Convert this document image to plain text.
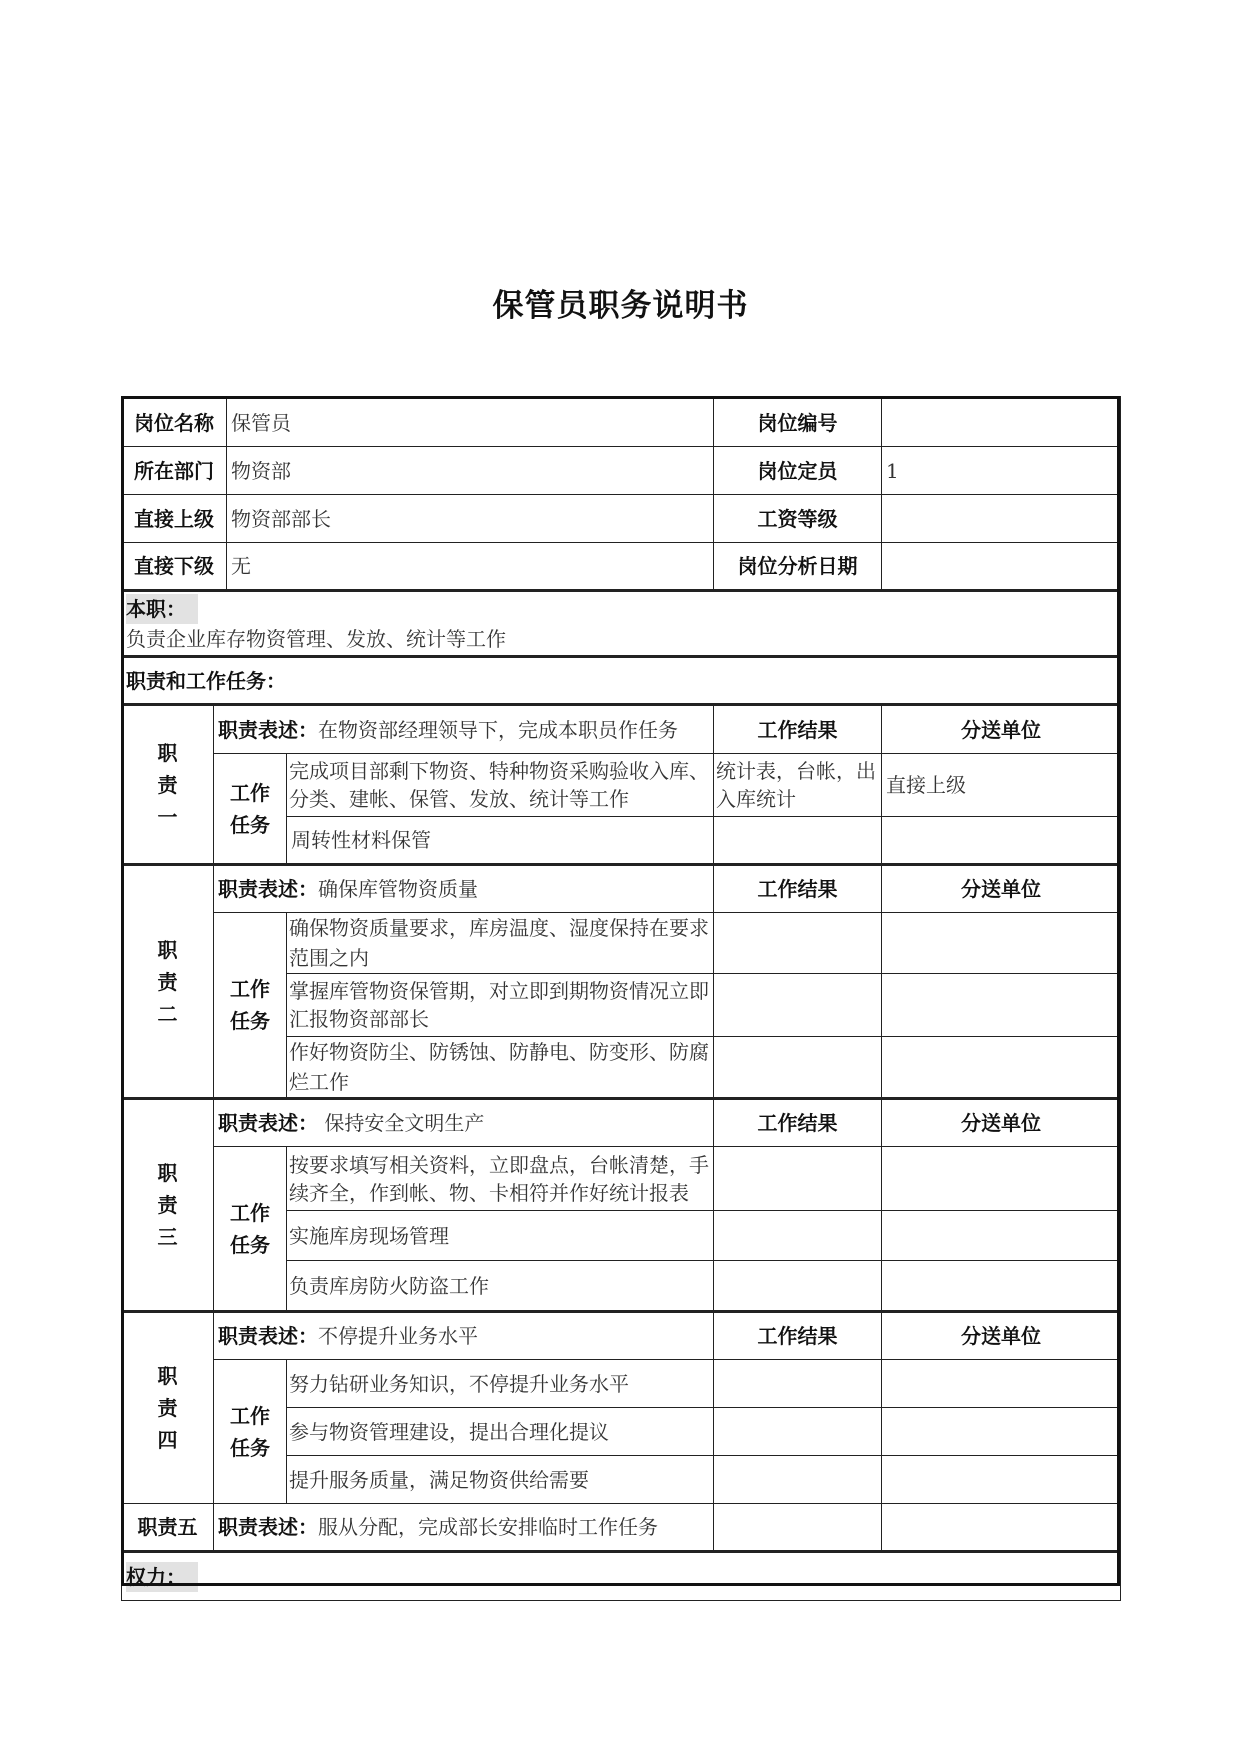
保管员职务说明书
岗位名称		保管员		岗位编号	
所在部门		物资部		岗位定员	1
直接上级		物资部部长		工资等级	
直接下级		无		岗位分析日期	

本职：
负责企业库存物资管理、发放、统计等工作					

职责和工作任务：					
职
责
一	职责表述：在物资部经理领导下，完成本职员作任务			工作结果	分送单位
	工作
任务		完成项目部剩下物资、特种物资采购验收入库、分类、建帐、保管、发放、统计等工作	统计表，台帐，出入库统计	直接上级
			周转性材料保管		
职
责
二	职责表述：确保库管物资质量			工作结果	分送单位
	工作
任务		确保物资质量要求，库房温度、湿度保持在要求范围之内		
			掌握库管物资保管期，对立即到期物资情况立即汇报物资部部长		
			作好物资防尘、防锈蚀、防静电、防变形、防腐烂工作		
职
责
三	职责表述： 保持安全文明生产			工作结果	分送单位
	工作
任务		按要求填写相关资料，立即盘点，台帐清楚，手续齐全，作到帐、物、卡相符并作好统计报表		
			实施库房现场管理		
			负责库房防火防盗工作		
职
责
四	职责表述：不停提升业务水平			工作结果	分送单位
	工作
任务		努力钻研业务知识，不停提升业务水平		
			参与物资管理建设，提出合理化提议		
			提升服务质量，满足物资供给需要		
职责五	职责表述：服从分配，完成部长安排临时工作任务				
权力：					
